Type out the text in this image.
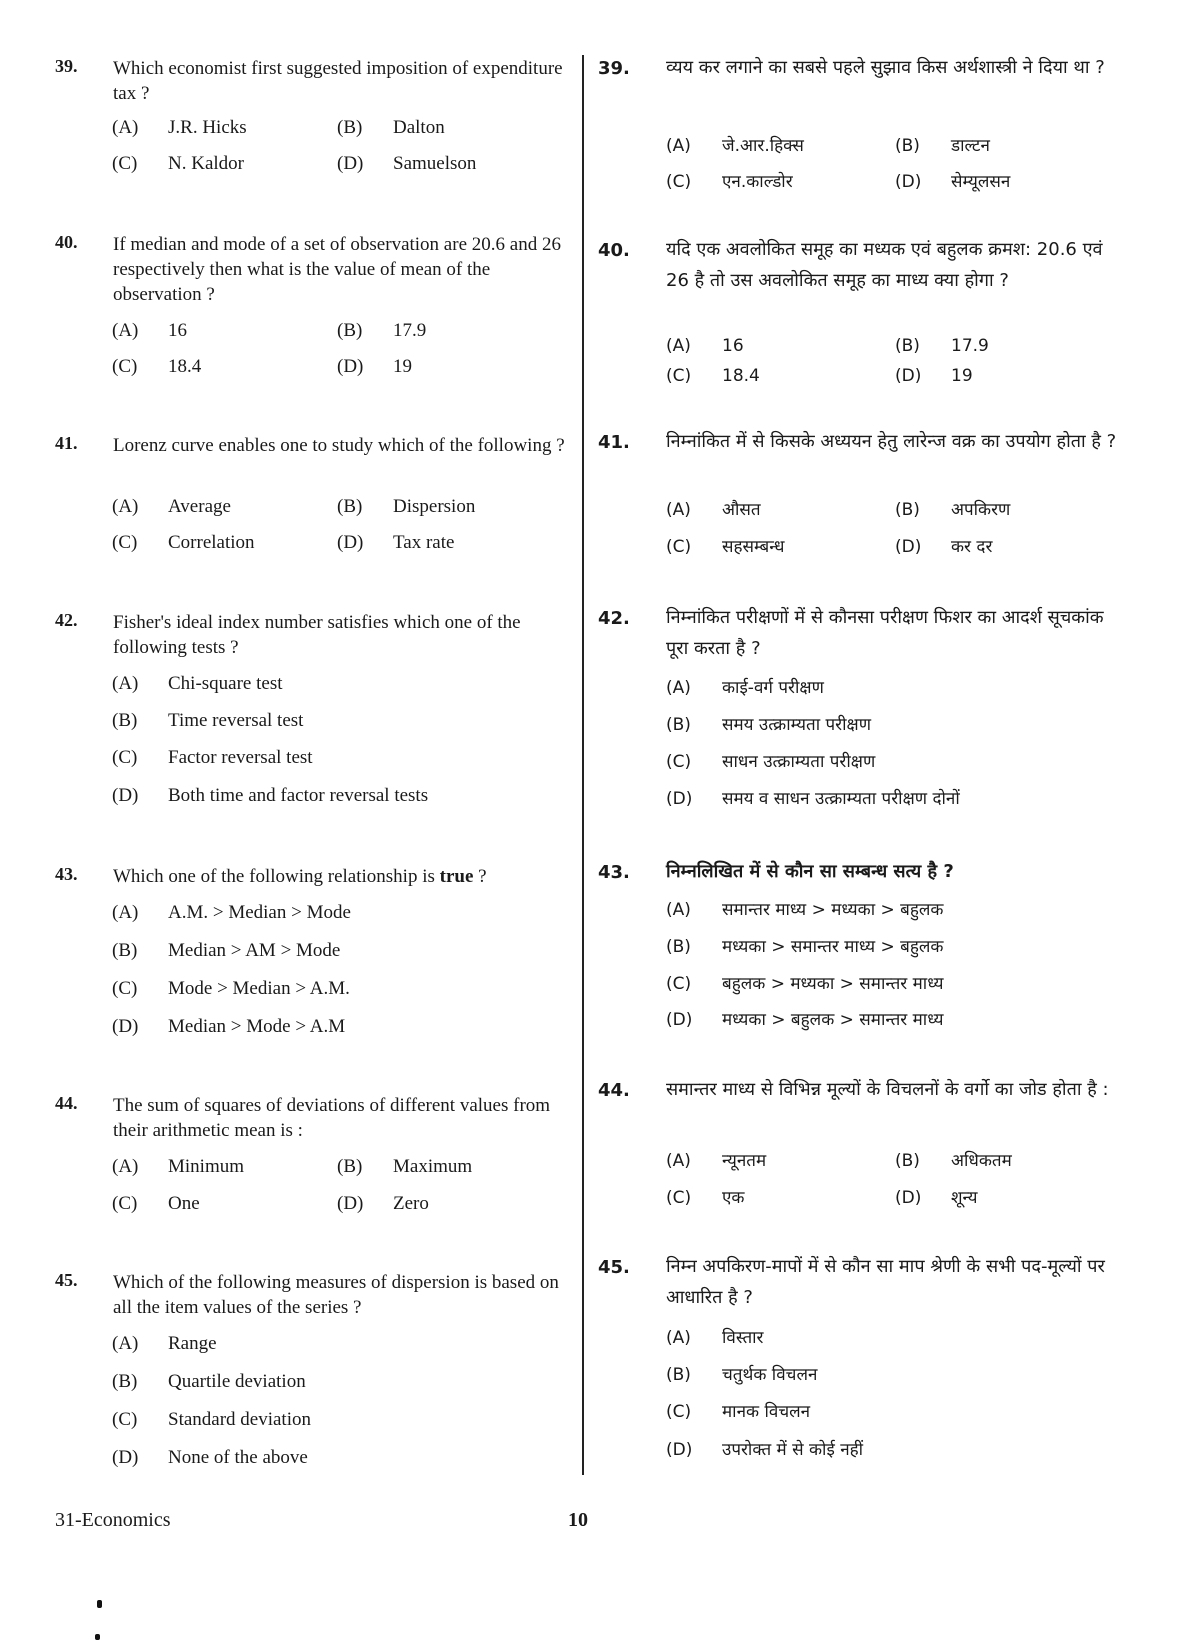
39. Which economist first suggested imposition of expenditure tax ?
(A) J.R. Hicks	(B) Dalton
(C) N. Kaldor	(D) Samuelson
40. If median and mode of a set of observation are 20.6 and 26 respectively then what is the value of mean of the observation ?
(A) 16	(B) 17.9
(C) 18.4	(D) 19
41. Lorenz curve enables one to study which of the following ?
(A) Average	(B) Dispersion
(C) Correlation	(D) Tax rate
42. Fisher's ideal index number satisfies which one of the following tests ?
(A) Chi-square test
(B) Time reversal test
(C) Factor reversal test
(D) Both time and factor reversal tests
43. Which one of the following relationship is true ?
(A) A.M. > Median > Mode
(B) Median > AM > Mode
(C) Mode > Median > A.M.
(D) Median > Mode > A.M
44. The sum of squares of deviations of different values from their arithmetic mean is :
(A) Minimum	(B) Maximum
(C) One	(D) Zero
45. Which of the following measures of dispersion is based on all the item values of the series ?
(A) Range
(B) Quartile deviation
(C) Standard deviation
(D) None of the above
39. व्यय कर लगाने का सबसे पहले सुझाव किस अर्थशास्त्री ने दिया था ?
(A) जे.आर.हिक्स	(B) डाल्टन
(C) एन.काल्डोर	(D) सेम्यूलसन
40. यदि एक अवलोकित समूह का मध्यक एवं बहुलक क्रमश: 20.6 एवं 26 है तो उस अवलोकित समूह का माध्य क्या होगा ?
(A) 16	(B) 17.9
(C) 18.4	(D) 19
41. निम्नांकित में से किसके अध्ययन हेतु लारेन्ज वक्र का उपयोग होता है ?
(A) औसत	(B) अपकिरण
(C) सहसम्बन्ध	(D) कर दर
42. निम्नांकित परीक्षणों में से कौनसा परीक्षण फिशर का आदर्श सूचकांक पूरा करता है ?
(A) काई-वर्ग परीक्षण
(B) समय उत्क्राम्यता परीक्षण
(C) साधन उत्क्राम्यता परीक्षण
(D) समय व साधन उत्क्राम्यता परीक्षण दोनों
43. निम्नलिखित में से कौन सा सम्बन्ध सत्य है ?
(A) समान्तर माध्य > मध्यका > बहुलक
(B) मध्यका > समान्तर माध्य > बहुलक
(C) बहुलक > मध्यका > समान्तर माध्य
(D) मध्यका > बहुलक > समान्तर माध्य
44. समान्तर माध्य से विभिन्न मूल्यों के विचलनों के वर्गो का जोड होता है :
(A) न्यूनतम	(B) अधिकतम
(C) एक	(D) शून्य
45. निम्न अपकिरण-मापों में से कौन सा माप श्रेणी के सभी पद-मूल्यों पर आधारित है ?
(A) विस्तार
(B) चतुर्थक विचलन
(C) मानक विचलन
(D) उपरोक्त में से कोई नहीं
31-Economics	10
